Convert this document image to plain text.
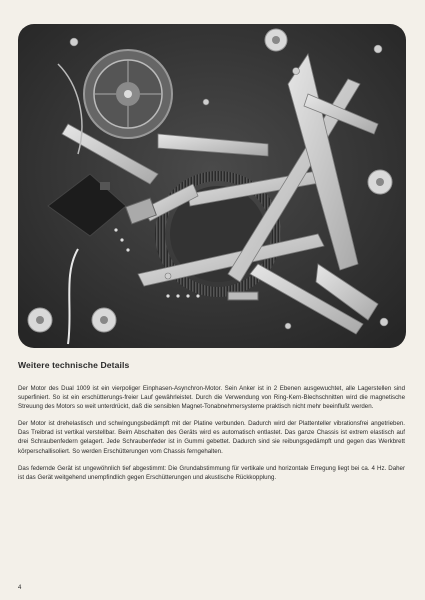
Weitere technische Details

Der Motor des Dual 1009 ist ein vierpoliger Einphasen-Asynchron-Motor. Sein Anker ist in 2 Ebenen ausgewuchtet, alle Lagerstellen sind superfiniert. So ist ein erschütterungs-freier Lauf gewährleistet. Durch die Verwendung von Ring-Kern-Blechschnitten wird die magnetische Streuung des Motors so weit unterdrückt, daß die sensiblen Magnet-Tonabnehmersysteme praktisch nicht mehr beeinflußt werden.

Der Motor ist drehelastisch und schwingungsbedämpft mit der Platine verbunden. Dadurch wird der Plattenteller vibrationsfrei angetrieben. Das Treibrad ist vertikal verstellbar. Beim Abschalten des Geräts wird es automatisch entlastet. Das ganze Chassis ist extrem elastisch auf drei Schraubenfedern gelagert. Jede Schraubenfeder ist in Gummi gebettet. Dadurch sind sie reibungsgedämpft und gegen das Werkbrett körperschallisoliert. So werden Erschütterungen vom Chassis ferngehalten.

Das federnde Gerät ist ungewöhnlich tief abgestimmt: Die Grundabstimmung für vertikale und horizontale Erregung liegt bei ca. 4 Hz. Daher ist das Gerät weitgehend unempfindlich gegen Erschütterungen und akustische Rückkopplung.

4
